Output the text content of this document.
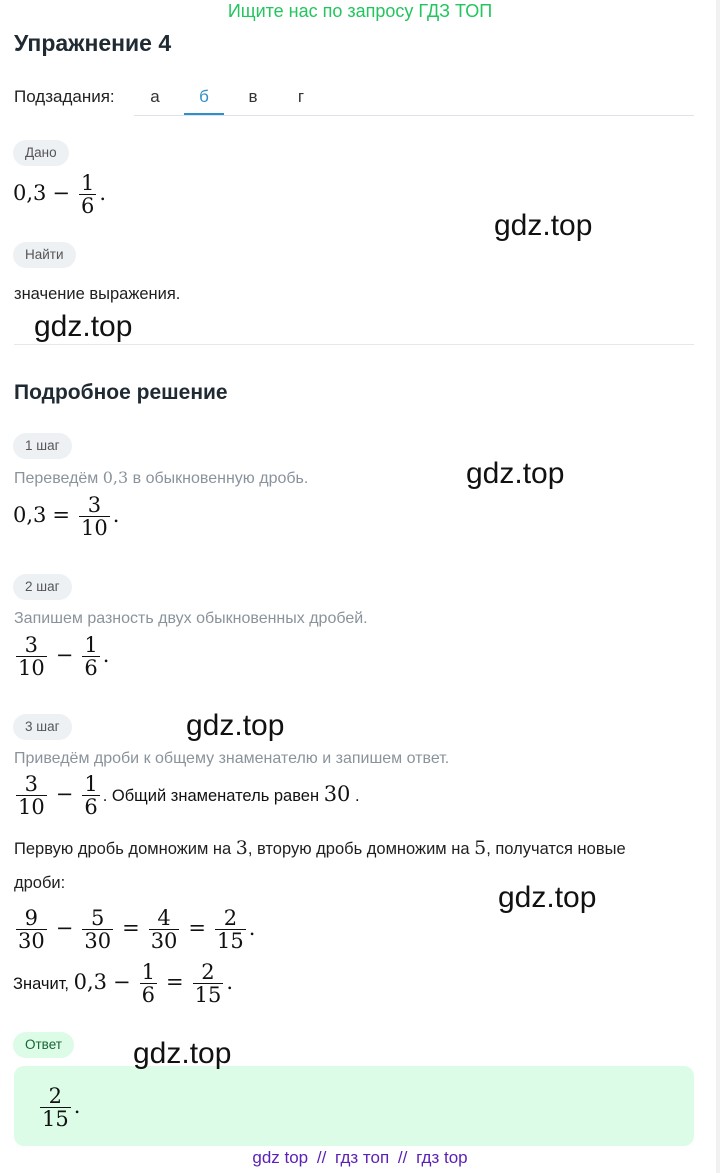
Ищите нас по запросу ГДЗ ТОП
Упражнение 4
Подзадания:	а	б	в	г
Дано
$0,3 - \frac{1}{6}$ .
Найти
значение выражения.
Подробное решение
1 шаг
Переведём 0,3 в обыкновенную дробь.
$0,3 = \frac{3}{10}$ .
2 шаг
Запишем разность двух обыкновенных дробей.
$\frac{3}{10} - \frac{1}{6}$ .
3 шаг
Приведём дроби к общему знаменателю и запишем ответ.
$\frac{3}{10} - \frac{1}{6}$ . Общий знаменатель равен 30 .
Первую дробь домножим на 3, вторую дробь домножим на 5, получатся новые
дроби:
$\frac{9}{30} - \frac{5}{30} = \frac{4}{30} = \frac{2}{15}$ .
Значит, $0,3 - \frac{1}{6} = \frac{2}{15}$ .
Ответ
$\frac{2}{15}$ .
gdz.top
gdz.top
gdz.top
gdz.top
gdz.top
gdz.top
gdz top // гдз топ // гдз top
